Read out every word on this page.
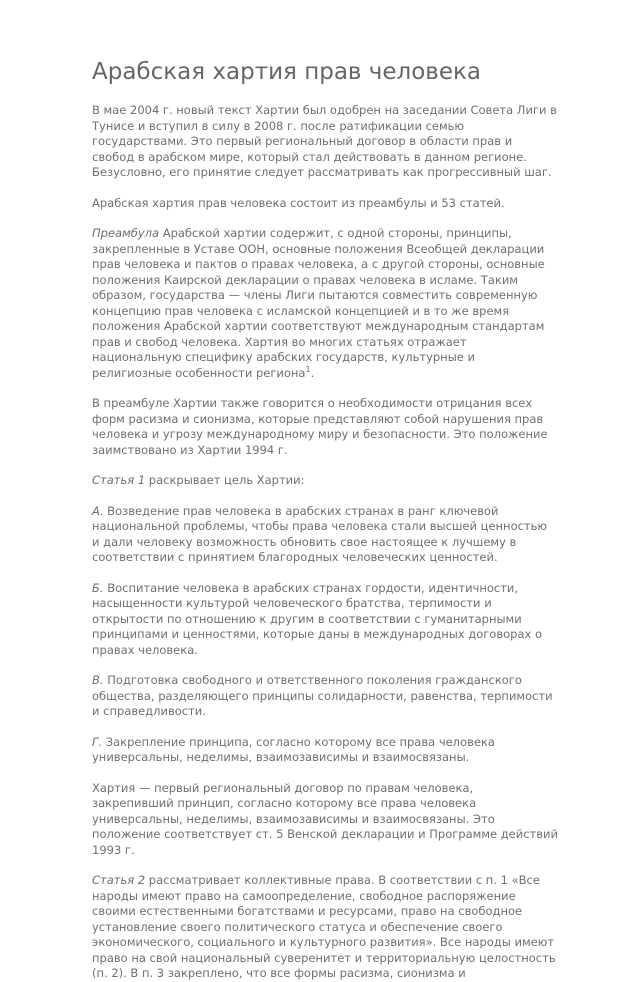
Арабская хартия прав человека

В мае 2004 г. новый текст Хартии был одобрен на заседании Совета Лиги в Тунисе и вступил в силу в 2008 г. после ратификации семью государствами. Это первый региональный договор в области прав и свобод в арабском мире, который стал действовать в данном регионе. Безусловно, его принятие следует рассматривать как прогрессивный шаг.

Арабская хартия прав человека состоит из преамбулы и 53 статей.

Преамбула Арабской хартии содержит, с одной стороны, принципы, закрепленные в Уставе ООН, основные положения Всеобщей декларации прав человека и пактов о правах человека, а с другой стороны, основные положения Каирской декларации о правах человека в исламе. Таким образом, государства — члены Лиги пытаются совместить современную концепцию прав человека с исламской концепцией и в то же время положения Арабской хартии соответствуют международным стандартам прав и свобод человека. Хартия во многих статьях отражает национальную специфику арабских государств, культурные и религиозные особенности региона$^1$.

В преамбуле Хартии также говорится о необходимости отрицания всех форм расизма и сионизма, которые представляют собой нарушения прав человека и угрозу международному миру и безопасности. Это положение заимствовано из Хартии 1994 г.

Статья 1 раскрывает цель Хартии:

А. Возведение прав человека в арабских странах в ранг ключевой национальной проблемы, чтобы права человека стали высшей ценностью и дали человеку возможность обновить свое настоящее к лучшему в соответствии с принятием благородных человеческих ценностей.

Б. Воспитание человека в арабских странах гордости, идентичности, насыщенности культурой человеческого братства, терпимости и открытости по отношению к другим в соответствии с гуманитарными принципами и ценностями, которые даны в международных договорах о правах человека.

В. Подготовка свободного и ответственного поколения гражданского общества, разделяющего принципы солидарности, равенства, терпимости и справедливости.

Г. Закрепление принципа, согласно которому все права человека универсальны, неделимы, взаимозависимы и взаимосвязаны.

Хартия — первый региональный договор по правам человека, закрепивший принцип, согласно которому все права человека универсальны, неделимы, взаимозависимы и взаимосвязаны. Это положение соответствует ст. 5 Венской декларации и Программе действий 1993 г.

Статья 2 рассматривает коллективные права. В соответствии с п. 1 «Все народы имеют право на самоопределение, свободное распоряжение своими естественными богатствами и ресурсами, право на свободное установление своего политического статуса и обеспечение своего экономического, социального и культурного развития». Все народы имеют право на свой национальный суверенитет и территориальную целостность (п. 2). В п. 3 закреплено, что все формы расизма, сионизма и
